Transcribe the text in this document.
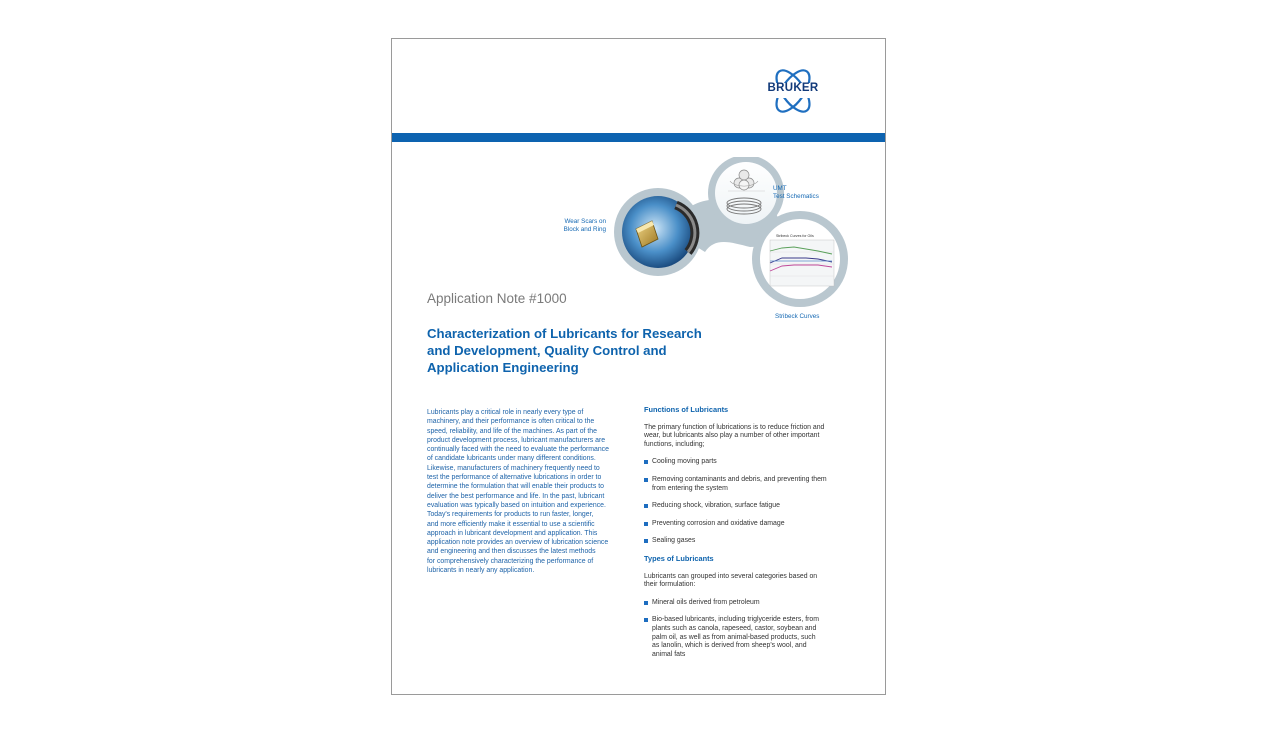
BRUKER
Stribeck Curves for Oils
Wear Scars on
Block and Ring
UMT
Test Schematics
Stribeck Curves
Application Note #1000
Characterization of Lubricants for Research
and Development, Quality Control and
Application Engineering
Lubricants play a critical role in nearly every type of
machinery, and their performance is often critical to the
speed, reliability, and life of the machines. As part of the
product development process, lubricant manufacturers are
continually faced with the need to evaluate the performance
of candidate lubricants under many different conditions.
Likewise, manufacturers of machinery frequently need to
test the performance of alternative lubrications in order to
determine the formulation that will enable their products to
deliver the best performance and life. In the past, lubricant
evaluation was typically based on intuition and experience.
Today's requirements for products to run faster, longer,
and more efficiently make it essential to use a scientific
approach in lubricant development and application. This
application note provides an overview of lubrication science
and engineering and then discusses the latest methods
for comprehensively characterizing the performance of
lubricants in nearly any application.
Functions of Lubricants
The primary function of lubrications is to reduce friction and
wear, but lubricants also play a number of other important
functions, including;
Cooling moving parts
Removing contaminants and debris, and preventing them
from entering the system
Reducing shock, vibration, surface fatigue
Preventing corrosion and oxidative damage
Sealing gases
Types of Lubricants
Lubricants can grouped into several categories based on
their formulation:
Mineral oils derived from petroleum
Bio-based lubricants, including triglyceride esters, from
plants such as canola, rapeseed, castor, soybean and
palm oil, as well as from animal-based products, such
as lanolin, which is derived from sheep's wool, and
animal fats
